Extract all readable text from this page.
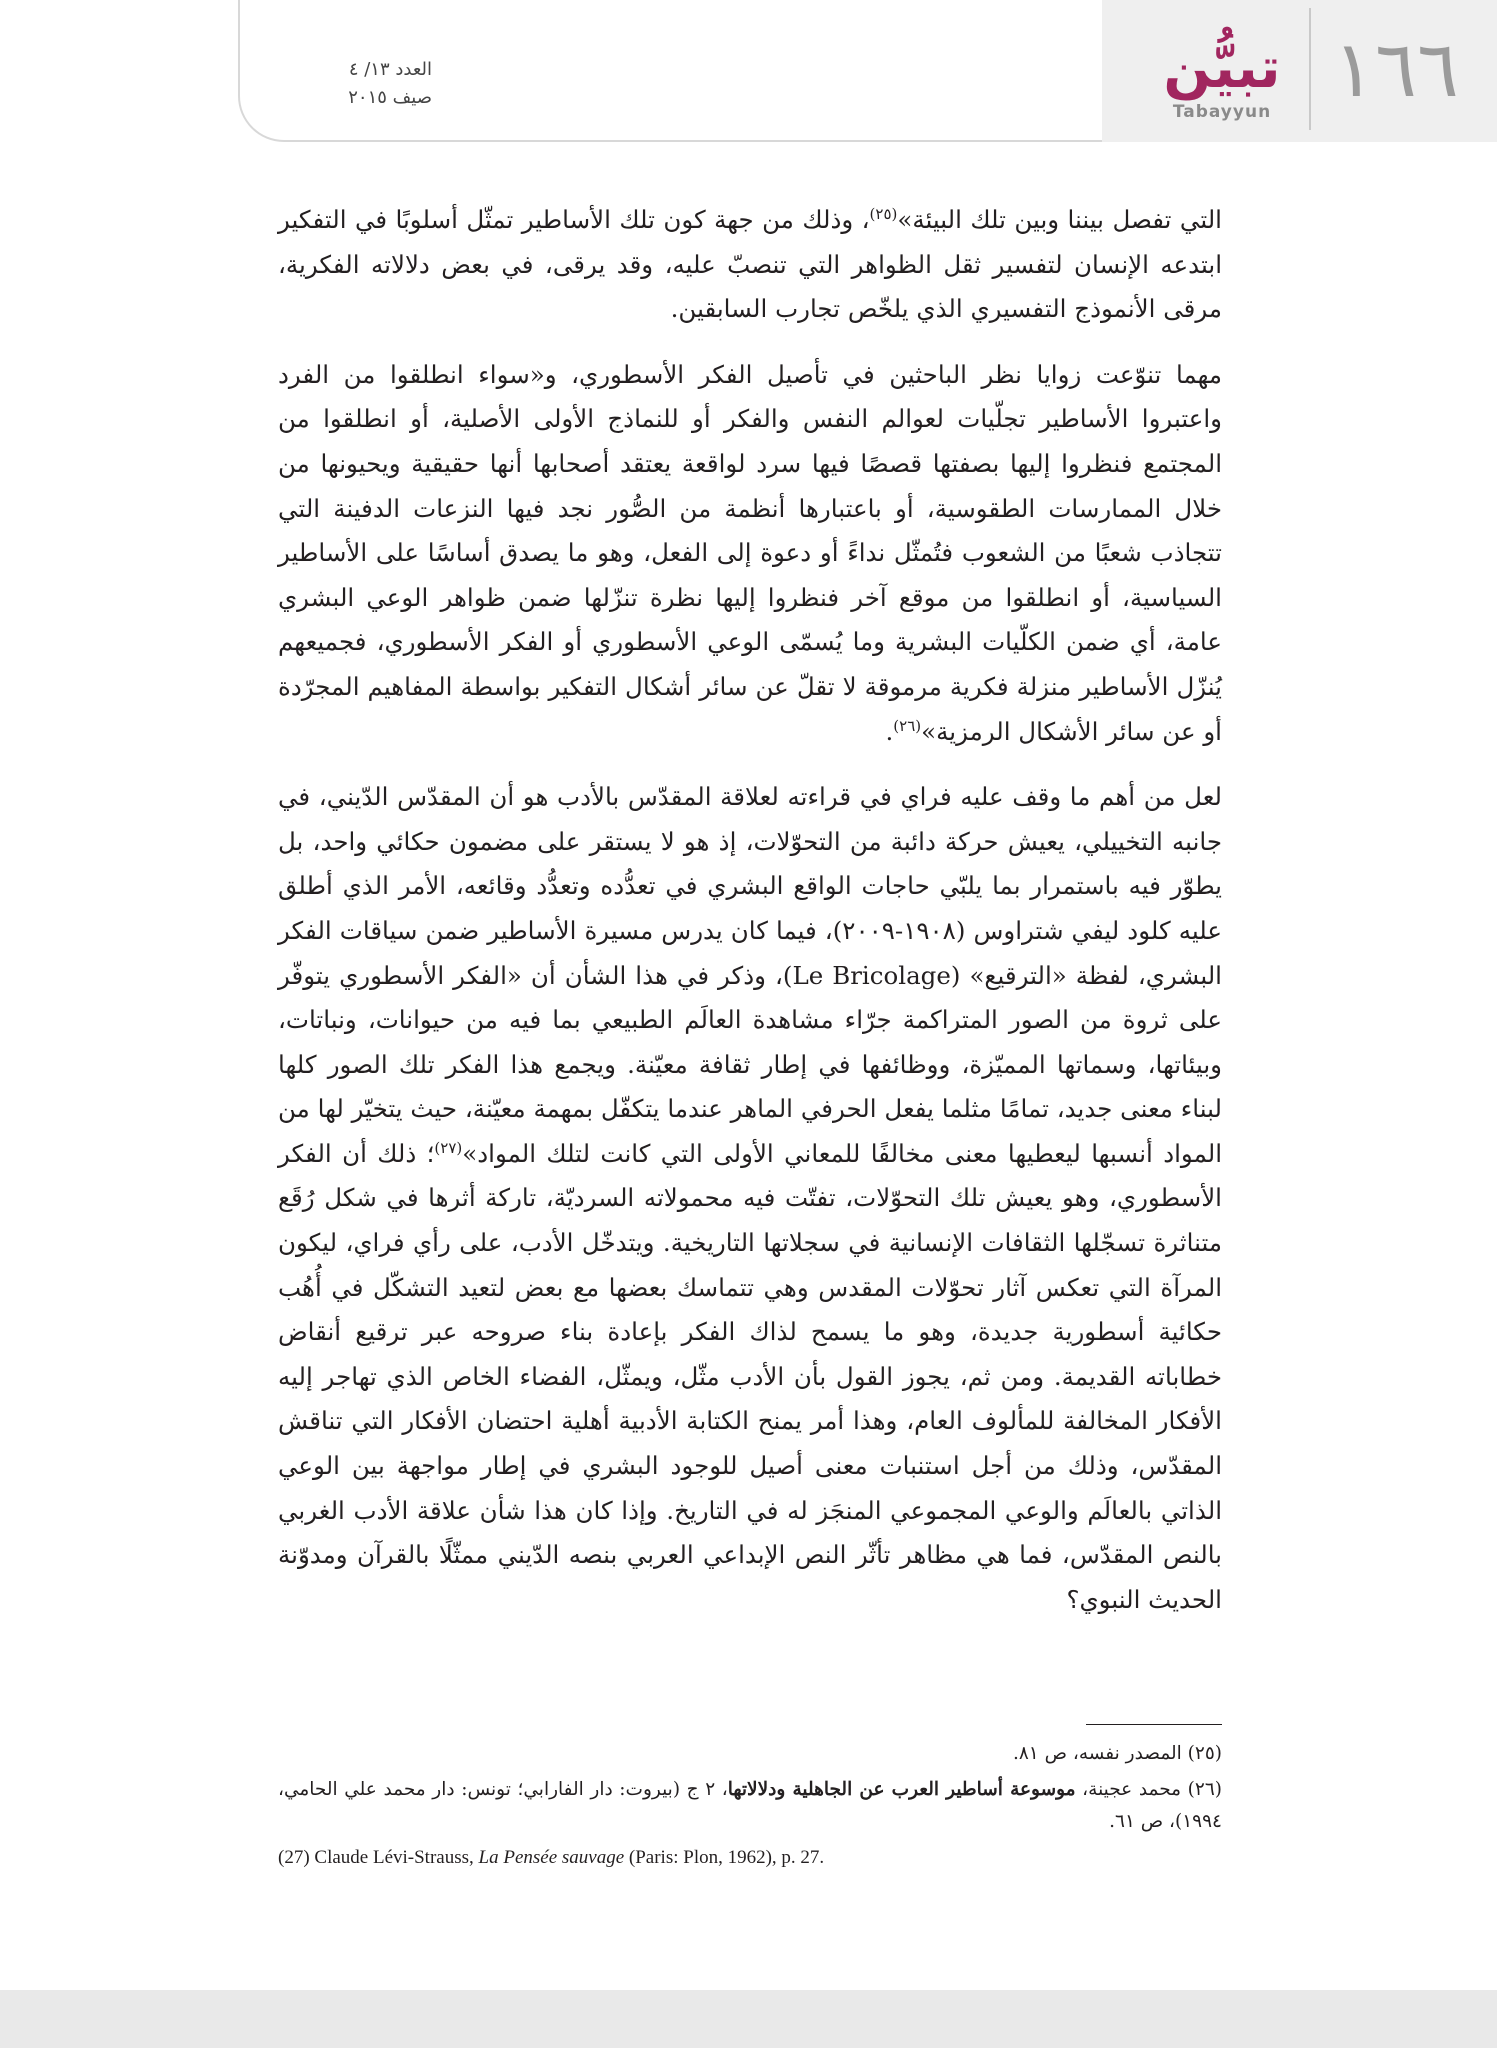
١٦٦
تبيُّن
Tabayyun
العدد ١٣/ ٤
صيف ٢٠١٥

التي تفصل بيننا وبين تلك البيئة»$^{(٢٥)}$، وذلك من جهة كون تلك الأساطير تمثّل أسلوبًا في التفكير ابتدعه الإنسان لتفسير ثقل الظواهر التي تنصبّ عليه، وقد يرقى، في بعض دلالاته الفكرية، مرقى الأنموذج التفسيري الذي يلخّص تجارب السابقين.

مهما تنوّعت زوايا نظر الباحثين في تأصيل الفكر الأسطوري، و«سواء انطلقوا من الفرد واعتبروا الأساطير تجلّيات لعوالم النفس والفكر أو للنماذج الأولى الأصلية، أو انطلقوا من المجتمع فنظروا إليها بصفتها قصصًا فيها سرد لواقعة يعتقد أصحابها أنها حقيقية ويحيونها من خلال الممارسات الطقوسية، أو باعتبارها أنظمة من الصُّور نجد فيها النزعات الدفينة التي تتجاذب شعبًا من الشعوب فتُمثّل نداءً أو دعوة إلى الفعل، وهو ما يصدق أساسًا على الأساطير السياسية، أو انطلقوا من موقع آخر فنظروا إليها نظرة تنزّلها ضمن ظواهر الوعي البشري عامة، أي ضمن الكلّيات البشرية وما يُسمّى الوعي الأسطوري أو الفكر الأسطوري، فجميعهم يُنزّل الأساطير منزلة فكرية مرموقة لا تقلّ عن سائر أشكال التفكير بواسطة المفاهيم المجرّدة أو عن سائر الأشكال الرمزية»$^{(٢٦)}$.

لعل من أهم ما وقف عليه فراي في قراءته لعلاقة المقدّس بالأدب هو أن المقدّس الدّيني، في جانبه التخييلي، يعيش حركة دائبة من التحوّلات، إذ هو لا يستقر على مضمون حكائي واحد، بل يطوّر فيه باستمرار بما يلبّي حاجات الواقع البشري في تعدُّده وتعدُّد وقائعه، الأمر الذي أطلق عليه كلود ليفي شتراوس (١٩٠٨-٢٠٠٩)، فيما كان يدرس مسيرة الأساطير ضمن سياقات الفكر البشري، لفظة «الترقيع» (Le Bricolage)، وذكر في هذا الشأن أن «الفكر الأسطوري يتوفّر على ثروة من الصور المتراكمة جرّاء مشاهدة العالَم الطبيعي بما فيه من حيوانات، ونباتات، وبيئاتها، وسماتها المميّزة، ووظائفها في إطار ثقافة معيّنة. ويجمع هذا الفكر تلك الصور كلها لبناء معنى جديد، تمامًا مثلما يفعل الحرفي الماهر عندما يتكفّل بمهمة معيّنة، حيث يتخيّر لها من المواد أنسبها ليعطيها معنى مخالفًا للمعاني الأولى التي كانت لتلك المواد»$^{(٢٧)}$؛ ذلك أن الفكر الأسطوري، وهو يعيش تلك التحوّلات، تفتّت فيه محمولاته السرديّة، تاركة أثرها في شكل رُقَع متناثرة تسجّلها الثقافات الإنسانية في سجلاتها التاريخية. ويتدخّل الأدب، على رأي فراي، ليكون المرآة التي تعكس آثار تحوّلات المقدس وهي تتماسك بعضها مع بعض لتعيد التشكّل في أُهُب حكائية أسطورية جديدة، وهو ما يسمح لذاك الفكر بإعادة بناء صروحه عبر ترقيع أنقاض خطاباته القديمة. ومن ثم، يجوز القول بأن الأدب مثّل، ويمثّل، الفضاء الخاص الذي تهاجر إليه الأفكار المخالفة للمألوف العام، وهذا أمر يمنح الكتابة الأدبية أهلية احتضان الأفكار التي تناقش المقدّس، وذلك من أجل استنبات معنى أصيل للوجود البشري في إطار مواجهة بين الوعي الذاتي بالعالَم والوعي المجموعي المنجَز له في التاريخ. وإذا كان هذا شأن علاقة الأدب الغربي بالنص المقدّس، فما هي مظاهر تأثّر النص الإبداعي العربي بنصه الدّيني ممثّلًا بالقرآن ومدوّنة الحديث النبوي؟

(٢٥) المصدر نفسه، ص ٨١.

(٢٦) محمد عجينة، موسوعة أساطير العرب عن الجاهلية ودلالاتها، ٢ ج (بيروت: دار الفارابي؛ تونس: دار محمد علي الحامي، ١٩٩٤)، ص ٦١.

(27) Claude Lévi-Strauss, La Pensée sauvage (Paris: Plon, 1962), p. 27.
